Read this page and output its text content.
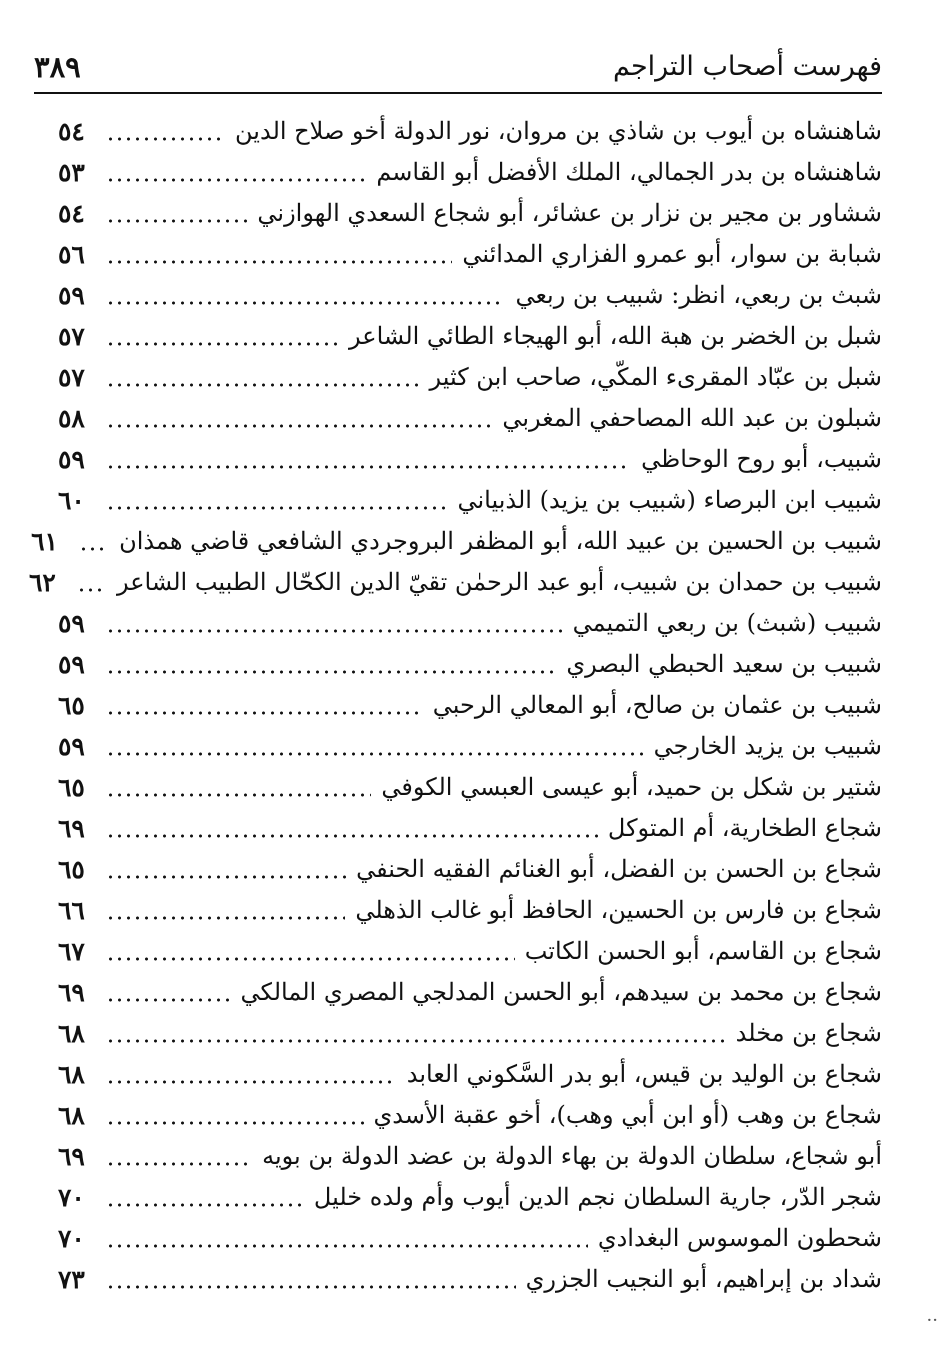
فهرست أصحاب التراجم
٣٨٩
شاهنشاه بن أيوب بن شاذي بن مروان، نور الدولة أخو صلاح الدين
٥٤
شاهنشاه بن بدر الجمالي، الملك الأفضل أبو القاسم
٥٣
ششاور بن مجير بن نزار بن عشائر، أبو شجاع السعدي الهوازني
٥٤
شبابة بن سوار، أبو عمرو الفزاري المدائني
٥٦
شبث بن ربعي، انظر: شبيب بن ربعي
٥٩
شبل بن الخضر بن هبة الله، أبو الهيجاء الطائي الشاعر
٥٧
شبل بن عبّاد المقرىء المكّي، صاحب ابن كثير
٥٧
شبلون بن عبد الله المصاحفي المغربي
٥٨
شبيب، أبو روح الوحاظي
٥٩
شبيب ابن البرصاء (شبيب بن يزيد) الذبياني
٦٠
شبيب بن الحسين بن عبيد الله، أبو المظفر البروجردي الشافعي قاضي همذان
٦١
شبيب بن حمدان بن شبيب، أبو عبد الرحمٰن تقيّ الدين الكحّال الطبيب الشاعر
٦٢
شبيب (شبث) بن ربعي التميمي
٥٩
شبيب بن سعيد الحبطي البصري
٥٩
شبيب بن عثمان بن صالح، أبو المعالي الرحبي
٦٥
شبيب بن يزيد الخارجي
٥٩
شتير بن شكل بن حميد، أبو عيسى العبسي الكوفي
٦٥
شجاع الطخارية، أم المتوكل
٦٩
شجاع بن الحسن بن الفضل، أبو الغنائم الفقيه الحنفي
٦٥
شجاع بن فارس بن الحسين، الحافظ أبو غالب الذهلي
٦٦
شجاع بن القاسم، أبو الحسن الكاتب
٦٧
شجاع بن محمد بن سيدهم، أبو الحسن المدلجي المصري المالكي
٦٩
شجاع بن مخلد
٦٨
شجاع بن الوليد بن قيس، أبو بدر السَّكوني العابد
٦٨
شجاع بن وهب (أو ابن أبي وهب)، أخو عقبة الأسدي
٦٨
أبو شجاع، سلطان الدولة بن بهاء الدولة بن عضد الدولة بن بويه
٦٩
شجر الدّر، جارية السلطان نجم الدين أيوب وأم ولده خليل
٧٠
شحطون الموسوس البغدادي
٧٠
شداد بن إبراهيم، أبو النجيب الجزري
٧٣
··
